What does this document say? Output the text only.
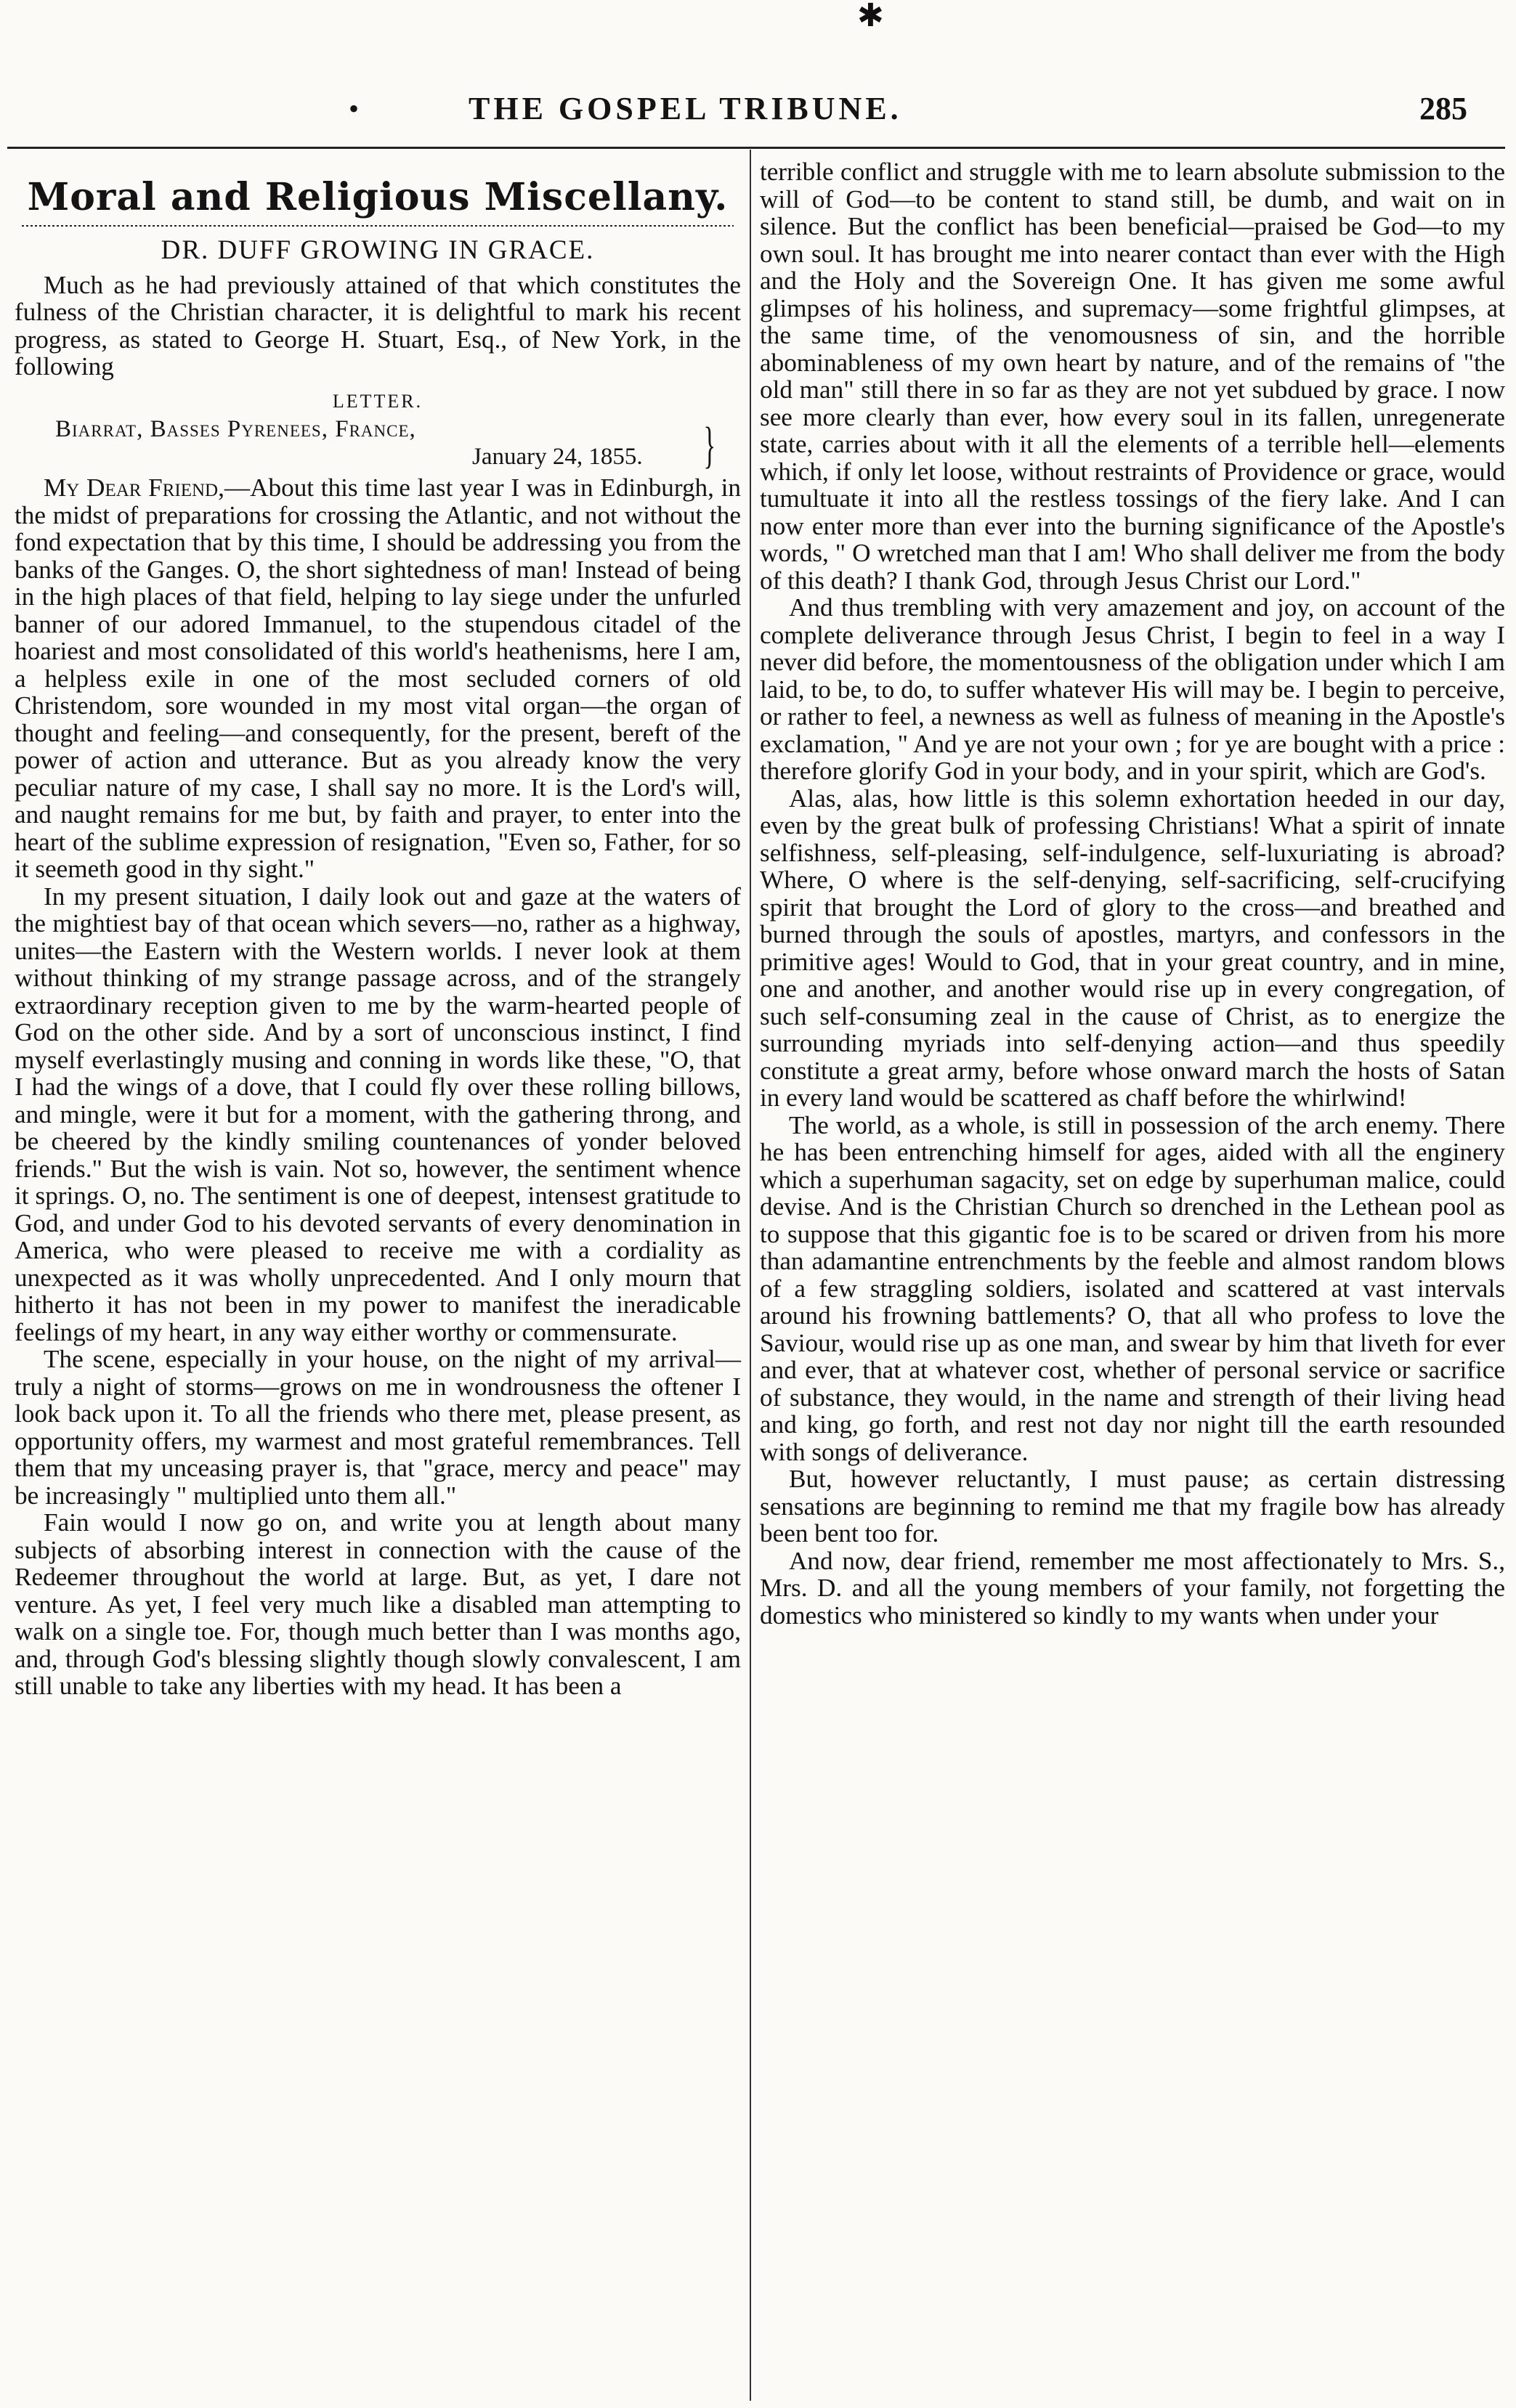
✱
•	THE GOSPEL TRIBUNE.	285
Moral and Religious Miscellany.
DR. DUFF GROWING IN GRACE.

Much as he had previously attained of that which constitutes the fulness of the Christian character, it is delightful to mark his recent progress, as stated to George H. Stuart, Esq., of New York, in the following

LETTER.
Biarrat, Basses Pyrenees, France,
January 24, 1855. }

My Dear Friend,—About this time last year I was in Edinburgh, in the midst of preparations for crossing the Atlantic, and not without the fond expectation that by this time, I should be addressing you from the banks of the Ganges. O, the short sightedness of man! Instead of being in the high places of that field, helping to lay siege under the unfurled banner of our adored Immanuel, to the stupendous citadel of the hoariest and most consolidated of this world's heathenisms, here I am, a helpless exile in one of the most secluded corners of old Christendom, sore wounded in my most vital organ—the organ of thought and feeling—and consequently, for the present, bereft of the power of action and utterance. But as you already know the very peculiar nature of my case, I shall say no more. It is the Lord's will, and naught remains for me but, by faith and prayer, to enter into the heart of the sublime expression of resignation, "Even so, Father, for so it seemeth good in thy sight."

In my present situation, I daily look out and gaze at the waters of the mightiest bay of that ocean which severs—no, rather as a highway, unites—the Eastern with the Western worlds. I never look at them without thinking of my strange passage across, and of the strangely extraordinary reception given to me by the warm-hearted people of God on the other side. And by a sort of unconscious instinct, I find myself everlastingly musing and conning in words like these, "O, that I had the wings of a dove, that I could fly over these rolling billows, and mingle, were it but for a moment, with the gathering throng, and be cheered by the kindly smiling countenances of yonder beloved friends." But the wish is vain. Not so, however, the sentiment whence it springs. O, no. The sentiment is one of deepest, intensest gratitude to God, and under God to his devoted servants of every denomination in America, who were pleased to receive me with a cordiality as unexpected as it was wholly unprecedented. And I only mourn that hitherto it has not been in my power to manifest the ineradicable feelings of my heart, in any way either worthy or commensurate.

The scene, especially in your house, on the night of my arrival—truly a night of storms—grows on me in wondrousness the oftener I look back upon it. To all the friends who there met, please present, as opportunity offers, my warmest and most grateful remembrances. Tell them that my unceasing prayer is, that "grace, mercy and peace" may be increasingly " multiplied unto them all."

Fain would I now go on, and write you at length about many subjects of absorbing interest in connection with the cause of the Redeemer throughout the world at large. But, as yet, I dare not venture. As yet, I feel very much like a disabled man attempting to walk on a single toe. For, though much better than I was months ago, and, through God's blessing slightly though slowly convalescent, I am still unable to take any liberties with my head. It has been a

terrible conflict and struggle with me to learn absolute submission to the will of God—to be content to stand still, be dumb, and wait on in silence. But the conflict has been beneficial—praised be God—to my own soul. It has brought me into nearer contact than ever with the High and the Holy and the Sovereign One. It has given me some awful glimpses of his holiness, and supremacy—some frightful glimpses, at the same time, of the venomousness of sin, and the horrible abominableness of my own heart by nature, and of the remains of "the old man" still there in so far as they are not yet subdued by grace. I now see more clearly than ever, how every soul in its fallen, unregenerate state, carries about with it all the elements of a terrible hell—elements which, if only let loose, without restraints of Providence or grace, would tumultuate it into all the restless tossings of the fiery lake. And I can now enter more than ever into the burning significance of the Apostle's words, " O wretched man that I am! Who shall deliver me from the body of this death? I thank God, through Jesus Christ our Lord."

And thus trembling with very amazement and joy, on account of the complete deliverance through Jesus Christ, I begin to feel in a way I never did before, the momentousness of the obligation under which I am laid, to be, to do, to suffer whatever His will may be. I begin to perceive, or rather to feel, a newness as well as fulness of meaning in the Apostle's exclamation, " And ye are not your own ; for ye are bought with a price : therefore glorify God in your body, and in your spirit, which are God's.

Alas, alas, how little is this solemn exhortation heeded in our day, even by the great bulk of professing Christians! What a spirit of innate selfishness, self-pleasing, self-indulgence, self-luxuriating is abroad? Where, O where is the self-denying, self-sacrificing, self-crucifying spirit that brought the Lord of glory to the cross—and breathed and burned through the souls of apostles, martyrs, and confessors in the primitive ages! Would to God, that in your great country, and in mine, one and another, and another would rise up in every congregation, of such self-consuming zeal in the cause of Christ, as to energize the surrounding myriads into self-denying action—and thus speedily constitute a great army, before whose onward march the hosts of Satan in every land would be scattered as chaff before the whirlwind!

The world, as a whole, is still in possession of the arch enemy. There he has been entrenching himself for ages, aided with all the enginery which a superhuman sagacity, set on edge by superhuman malice, could devise. And is the Christian Church so drenched in the Lethean pool as to suppose that this gigantic foe is to be scared or driven from his more than adamantine entrenchments by the feeble and almost random blows of a few straggling soldiers, isolated and scattered at vast intervals around his frowning battlements? O, that all who profess to love the Saviour, would rise up as one man, and swear by him that liveth for ever and ever, that at whatever cost, whether of personal service or sacrifice of substance, they would, in the name and strength of their living head and king, go forth, and rest not day nor night till the earth resounded with songs of deliverance.

But, however reluctantly, I must pause; as certain distressing sensations are beginning to remind me that my fragile bow has already been bent too for.

And now, dear friend, remember me most affectionately to Mrs. S., Mrs. D. and all the young members of your family, not forgetting the domestics who ministered so kindly to my wants when under your
